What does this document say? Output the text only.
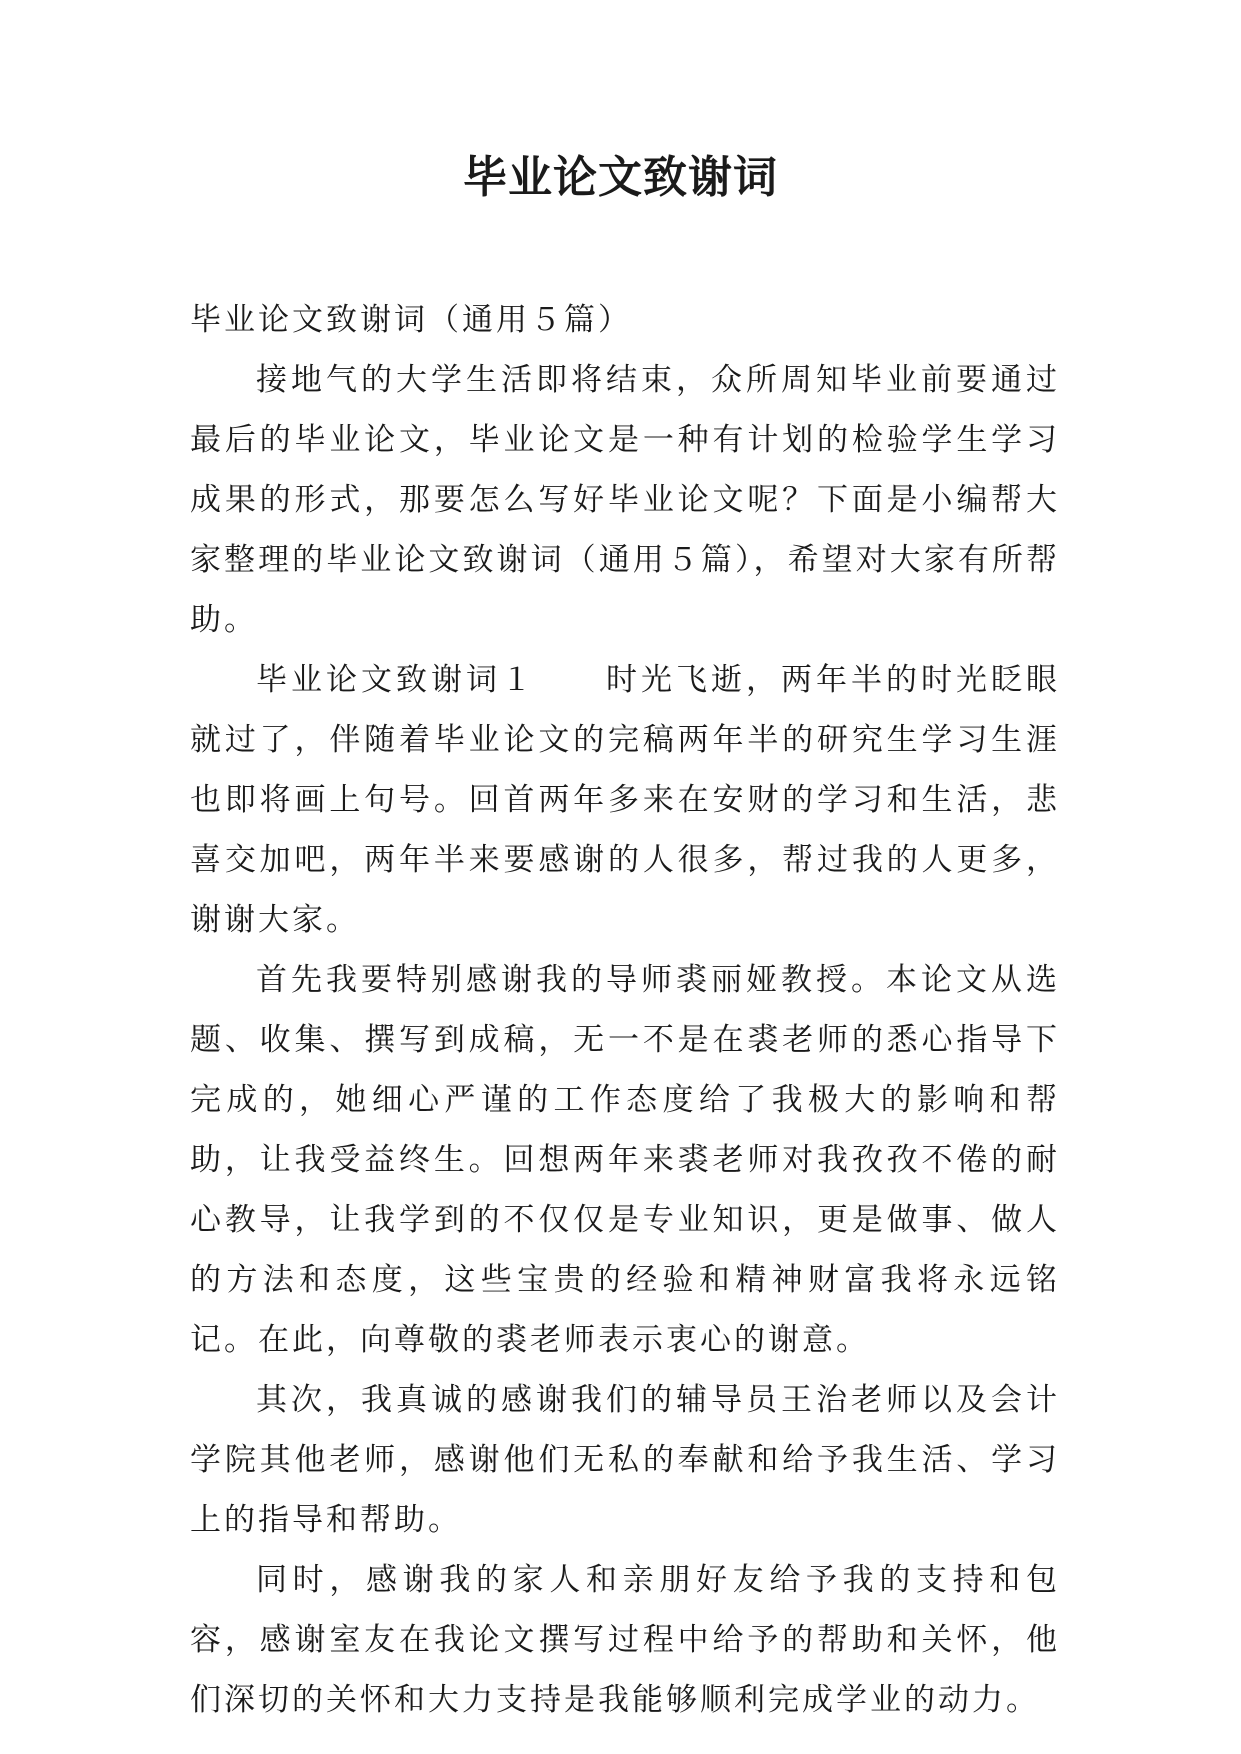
毕业论文致谢词

毕业论文致谢词（通用５篇）

接地气的大学生活即将结束，众所周知毕业前要通过最后的毕业论文，毕业论文是一种有计划的检验学生学习成果的形式，那要怎么写好毕业论文呢？下面是小编帮大家整理的毕业论文致谢词（通用５篇），希望对大家有所帮助。

毕业论文致谢词１　　时光飞逝，两年半的时光眨眼就过了，伴随着毕业论文的完稿两年半的研究生学习生涯也即将画上句号。回首两年多来在安财的学习和生活，悲喜交加吧，两年半来要感谢的人很多，帮过我的人更多，谢谢大家。

首先我要特别感谢我的导师裘丽娅教授。本论文从选题、收集、撰写到成稿，无一不是在裘老师的悉心指导下完成的，她细心严谨的工作态度给了我极大的影响和帮助，让我受益终生。回想两年来裘老师对我孜孜不倦的耐心教导，让我学到的不仅仅是专业知识，更是做事、做人的方法和态度，这些宝贵的经验和精神财富我将永远铭记。在此，向尊敬的裘老师表示衷心的谢意。

其次，我真诚的感谢我们的辅导员王治老师以及会计学院其他老师，感谢他们无私的奉献和给予我生活、学习上的指导和帮助。

同时，感谢我的家人和亲朋好友给予我的支持和包容，感谢室友在我论文撰写过程中给予的帮助和关怀，他们深切的关怀和大力支持是我能够顺利完成学业的动力。
